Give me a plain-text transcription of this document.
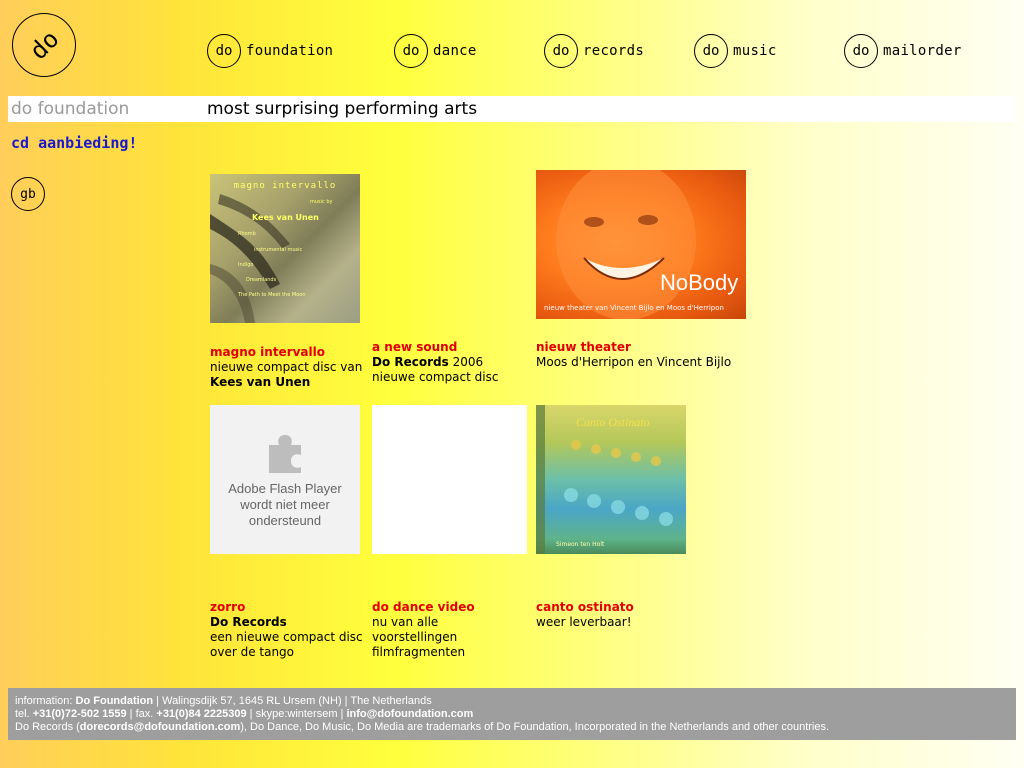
do	do foundation	do dance	do records	do music	do mailorder
do foundation	most surprising performing arts
cd aanbieding!
gb
magno intervallo
music by
Kees van Unen
Rhomb
instrumental music
Indigo
Dreamlands
The Path to Meet the Moon	NoBody
nieuw theater van Vincent Bijlo en Moos d'Herripon
magno intervallo
nieuwe compact disc van
Kees van Unen
a new sound
Do Records 2006
nieuwe compact disc
nieuw theater
Moos d'Herripon en Vincent Bijlo
Adobe Flash Player wordt niet meer ondersteund
Canto Ostinato
Simeon ten Holt
zorro
Do Records
een nieuwe compact disc
over de tango
do dance video
nu van alle
voorstellingen
filmfragmenten
canto ostinato
weer leverbaar!
information: Do Foundation | Walingsdijk 57, 1645 RL Ursem (NH) | The Netherlands
tel. +31(0)72-502 1559 | fax. +31(0)84 2225309 | skype:wintersem | info@dofoundation.com
Do Records (dorecords@dofoundation.com), Do Dance, Do Music, Do Media are trademarks of Do Foundation, Incorporated in the Netherlands and other countries.
